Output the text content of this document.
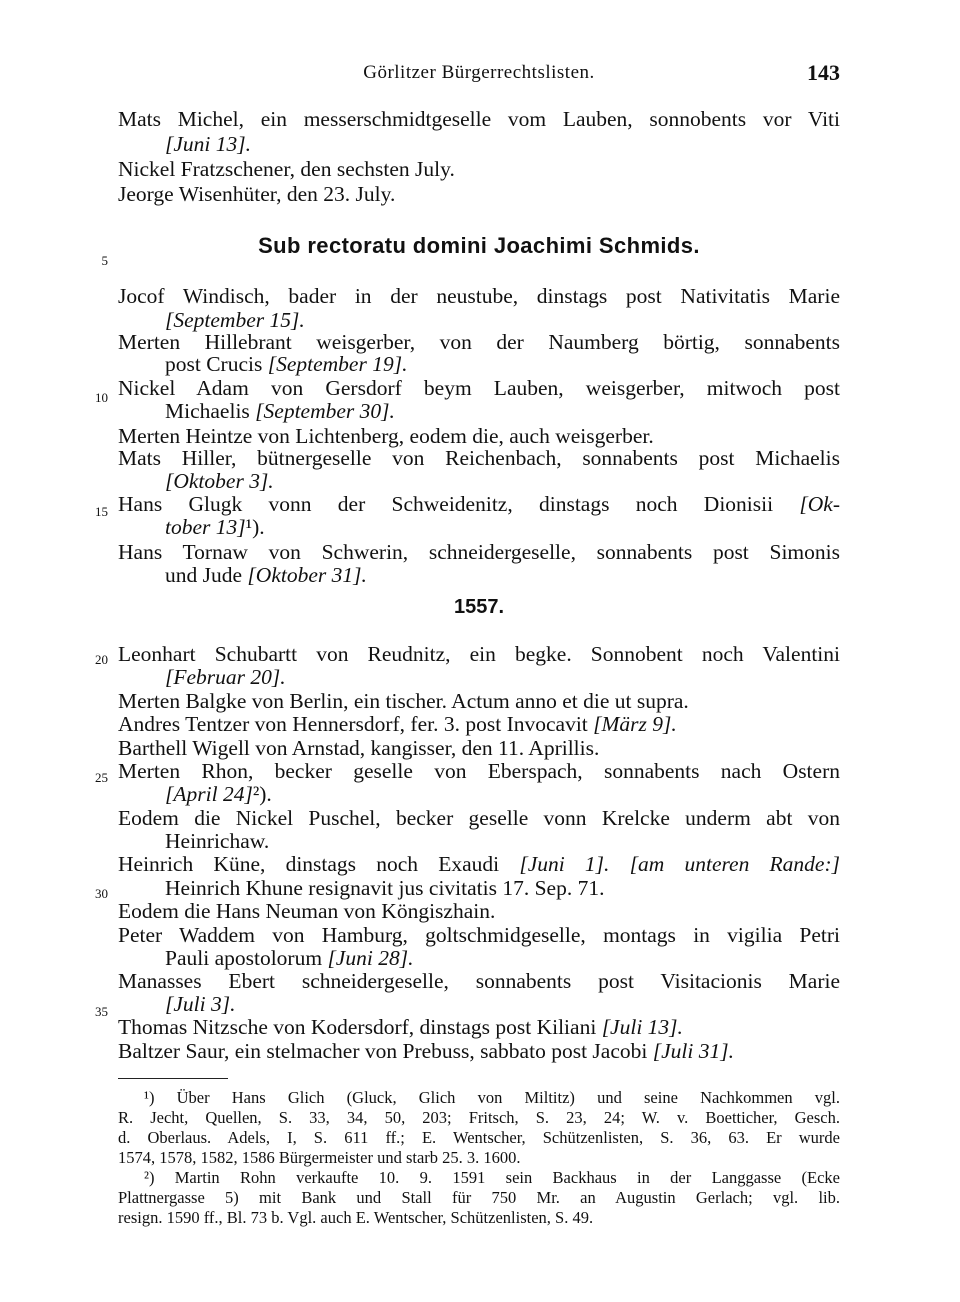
Görlitzer Bürgerrechtslisten.	143
Mats Michel, ein messerschmidtgeselle vom Lauben, sonnobents vor Viti
[Juni 13].
Nickel Fratzschener, den sechsten July.
Jeorge Wisenhüter, den 23. July.
5
Sub rectoratu domini Joachimi Schmids.
Jocof Windisch, bader in der neustube, dinstags post Nativitatis Marie
[September 15].
Merten Hillebrant weisgerber, von der Naumberg börtig, sonnabents
post Crucis [September 19].
10 Nickel Adam von Gersdorf beym Lauben, weisgerber, mitwoch post
Michaelis [September 30].
Merten Heintze von Lichtenberg, eodem die, auch weisgerber.
Mats Hiller, bütnergeselle von Reichenbach, sonnabents post Michaelis
[Oktober 3].
15 Hans Glugk vonn der Schweidenitz, dinstags noch Dionisii [Ok-
tober 13]¹).
Hans Tornaw von Schwerin, schneidergeselle, sonnabents post Simonis
und Jude [Oktober 31].
1557.
20 Leonhart Schubartt von Reudnitz, ein begke. Sonnobent noch Valentini
[Februar 20].
Merten Balgke von Berlin, ein tischer. Actum anno et die ut supra.
Andres Tentzer von Hennersdorf, fer. 3. post Invocavit [März 9].
Barthell Wigell von Arnstad, kangisser, den 11. Aprillis.
25 Merten Rhon, becker geselle von Eberspach, sonnabents nach Ostern
[April 24]²).
Eodem die Nickel Puschel, becker geselle vonn Krelcke underm abt von
Heinrichaw.
Heinrich Küne, dinstags noch Exaudi [Juni 1]. [am unteren Rande:]
30	Heinrich Khune resignavit jus civitatis 17. Sep. 71.
Eodem die Hans Neuman von Köngiszhain.
Peter Waddem von Hamburg, goltschmidgeselle, montags in vigilia Petri
Pauli apostolorum [Juni 28].
Manasses Ebert schneidergeselle, sonnabents post Visitacionis Marie
[Juli 3].
35
Thomas Nitzsche von Kodersdorf, dinstags post Kiliani [Juli 13].
Baltzer Saur, ein stelmacher von Prebuss, sabbato post Jacobi [Juli 31].
¹) Über Hans Glich (Gluck, Glich von Miltitz) und seine Nachkommen vgl.
R. Jecht, Quellen, S. 33, 34, 50, 203; Fritsch, S. 23, 24; W. v. Boetticher, Gesch.
d. Oberlaus. Adels, I, S. 611 ff.; E. Wentscher, Schützenlisten, S. 36, 63. Er wurde
1574, 1578, 1582, 1586 Bürgermeister und starb 25. 3. 1600.
²) Martin Rohn verkaufte 10. 9. 1591 sein Backhaus in der Langgasse (Ecke
Plattnergasse 5) mit Bank und Stall für 750 Mr. an Augustin Gerlach; vgl. lib.
resign. 1590 ff., Bl. 73 b. Vgl. auch E. Wentscher, Schützenlisten, S. 49.
